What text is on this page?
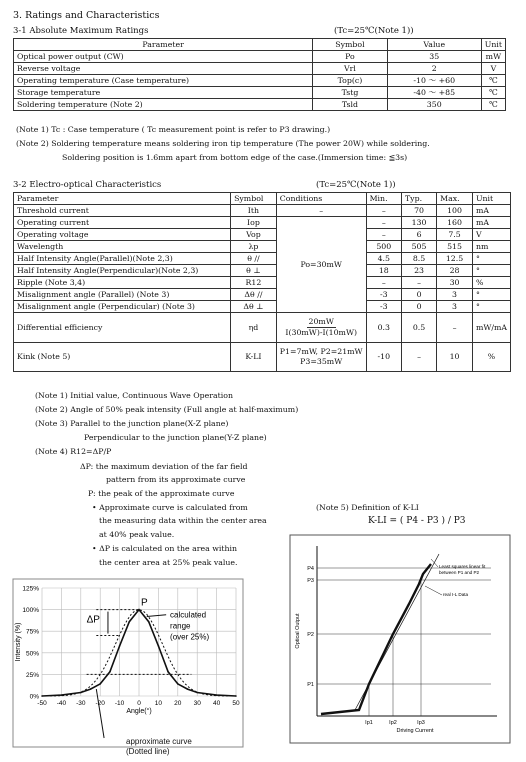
3. Ratings and Characteristics
3-1 Absolute Maximum Ratings	(Tc=25℃(Note 1))
Parameter	Symbol	Value	Unit
Optical power output (CW)	Po	35	mW
Reverse voltage	Vrl	2	V
Operating temperature (Case temperature)	Top(c)	-10 ～ +60	℃
Storage temperature	Tstg	-40 ～ +85	℃
Soldering temperature (Note 2)	Tsld	350	℃
(Note 1) Tc : Case temperature ( Tc measurement point is refer to P3 drawing.)
(Note 2) Soldering temperature means soldering iron tip temperature (The power 20W) while soldering.
Soldering position is 1.6mm apart from bottom edge of the case.(Immersion time: ≦3s)
3-2 Electro-optical Characteristics	(Tc=25℃(Note 1))
Parameter	Symbol	Conditions	Min.	Typ.	Max.	Unit
Threshold current	Ith	–	–	70	100	mA
Operating current	Iop	Po=30mW	–	130	160	mA
Operating voltage	Vop		–	6	7.5	V
Wavelength	λp		500	505	515	nm
Half Intensity Angle(Parallel)(Note 2,3)	θ //		4.5	8.5	12.5	°
Half Intensity Angle(Perpendicular)(Note 2,3)	θ ⊥		18	23	28	°
Ripple (Note 3,4)	R12		–	–	30	%
Misalignment angle (Parallel) (Note 3)	Δθ //		-3	0	3	°
Misalignment angle (Perpendicular) (Note 3)	Δθ ⊥		-3	0	3	°
Differential efficiency	ηd	20mW
I(30mW)-I(10mW)	0.3	0.5	–	mW/mA
Kink (Note 5)	K-LI	P1=7mW, P2=21mW
P3=35mW	-10	–	10	%
(Note 1) Initial value, Continuous Wave Operation
(Note 2) Angle of 50% peak intensity (Full angle at half-maximum)
(Note 3) Parallel to the junction plane(X-Z plane)
Perpendicular to the junction plane(Y-Z plane)
(Note 4) R12=ΔP/P
ΔP: the maximum deviation of the far field
pattern from its approximate curve
P: the peak of the approximate curve
• Approximate curve is calculated from
the measuring data within the center area
at 40% peak value.
• ΔP is calculated on the area within
the center area at 25% peak value.
(Note 5) Definition of K-LI
K-LI = ( P4 - P3 ) / P3
0%
25%
50%
75%
100%
125%
-50 -40 -30 -20 -10 0 10 20 30 40 50
P
ΔP	calculated
range
(over 25%)
Angle(°)
Intensity (%)
approximate curve
(Dotted line)
P1
P2
P3
P4
Ip1	Ip2	Ip3
Driving Current
Optical Output
Least squares linear fit
between P1 and P2
real I-L Data
